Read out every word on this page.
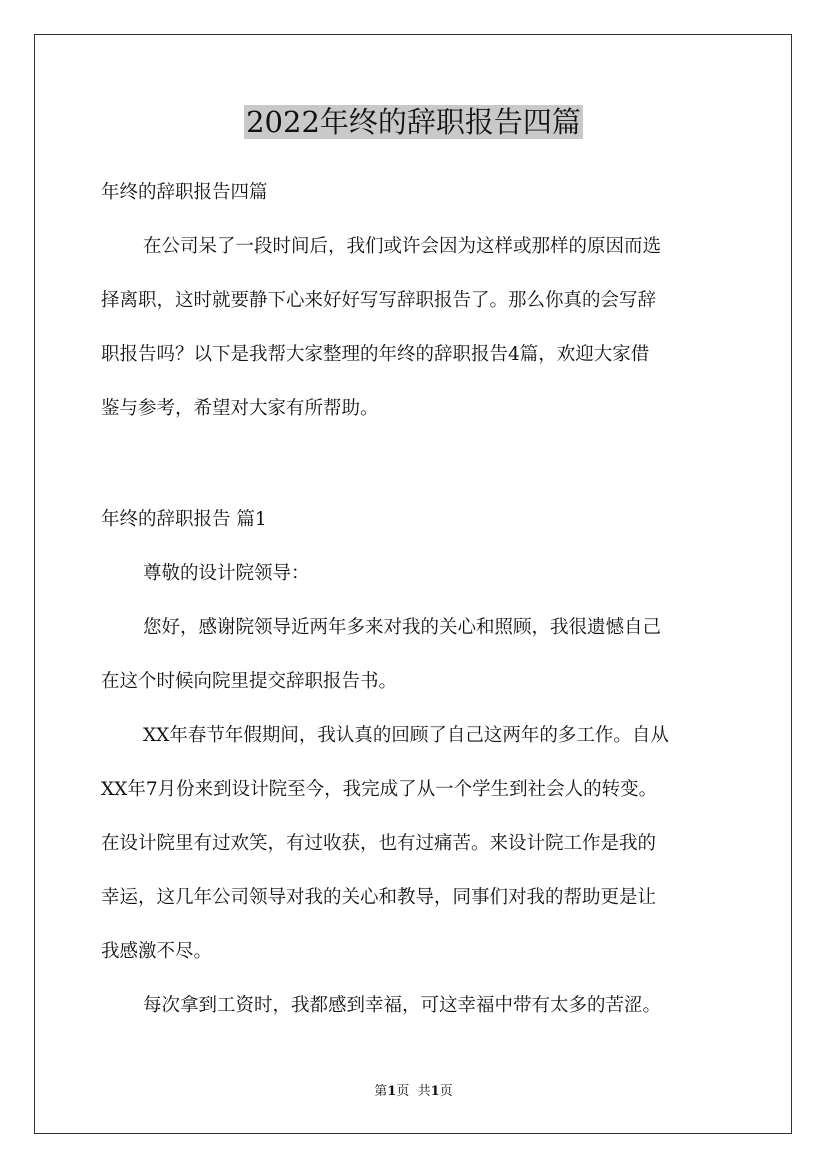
2022年终的辞职报告四篇
年终的辞职报告四篇
在公司呆了一段时间后，我们或许会因为这样或那样的原因而选
择离职，这时就要静下心来好好写写辞职报告了。那么你真的会写辞
职报告吗？以下是我帮大家整理的年终的辞职报告4篇，欢迎大家借
鉴与参考，希望对大家有所帮助。
年终的辞职报告 篇1
尊敬的设计院领导：
您好，感谢院领导近两年多来对我的关心和照顾，我很遗憾自己
在这个时候向院里提交辞职报告书。
XX年春节年假期间，我认真的回顾了自己这两年的多工作。自从
XX年7月份来到设计院至今，我完成了从一个学生到社会人的转变。
在设计院里有过欢笑，有过收获，也有过痛苦。来设计院工作是我的
幸运，这几年公司领导对我的关心和教导，同事们对我的帮助更是让
我感激不尽。
每次拿到工资时，我都感到幸福，可这幸福中带有太多的苦涩。
第1页 共1页
